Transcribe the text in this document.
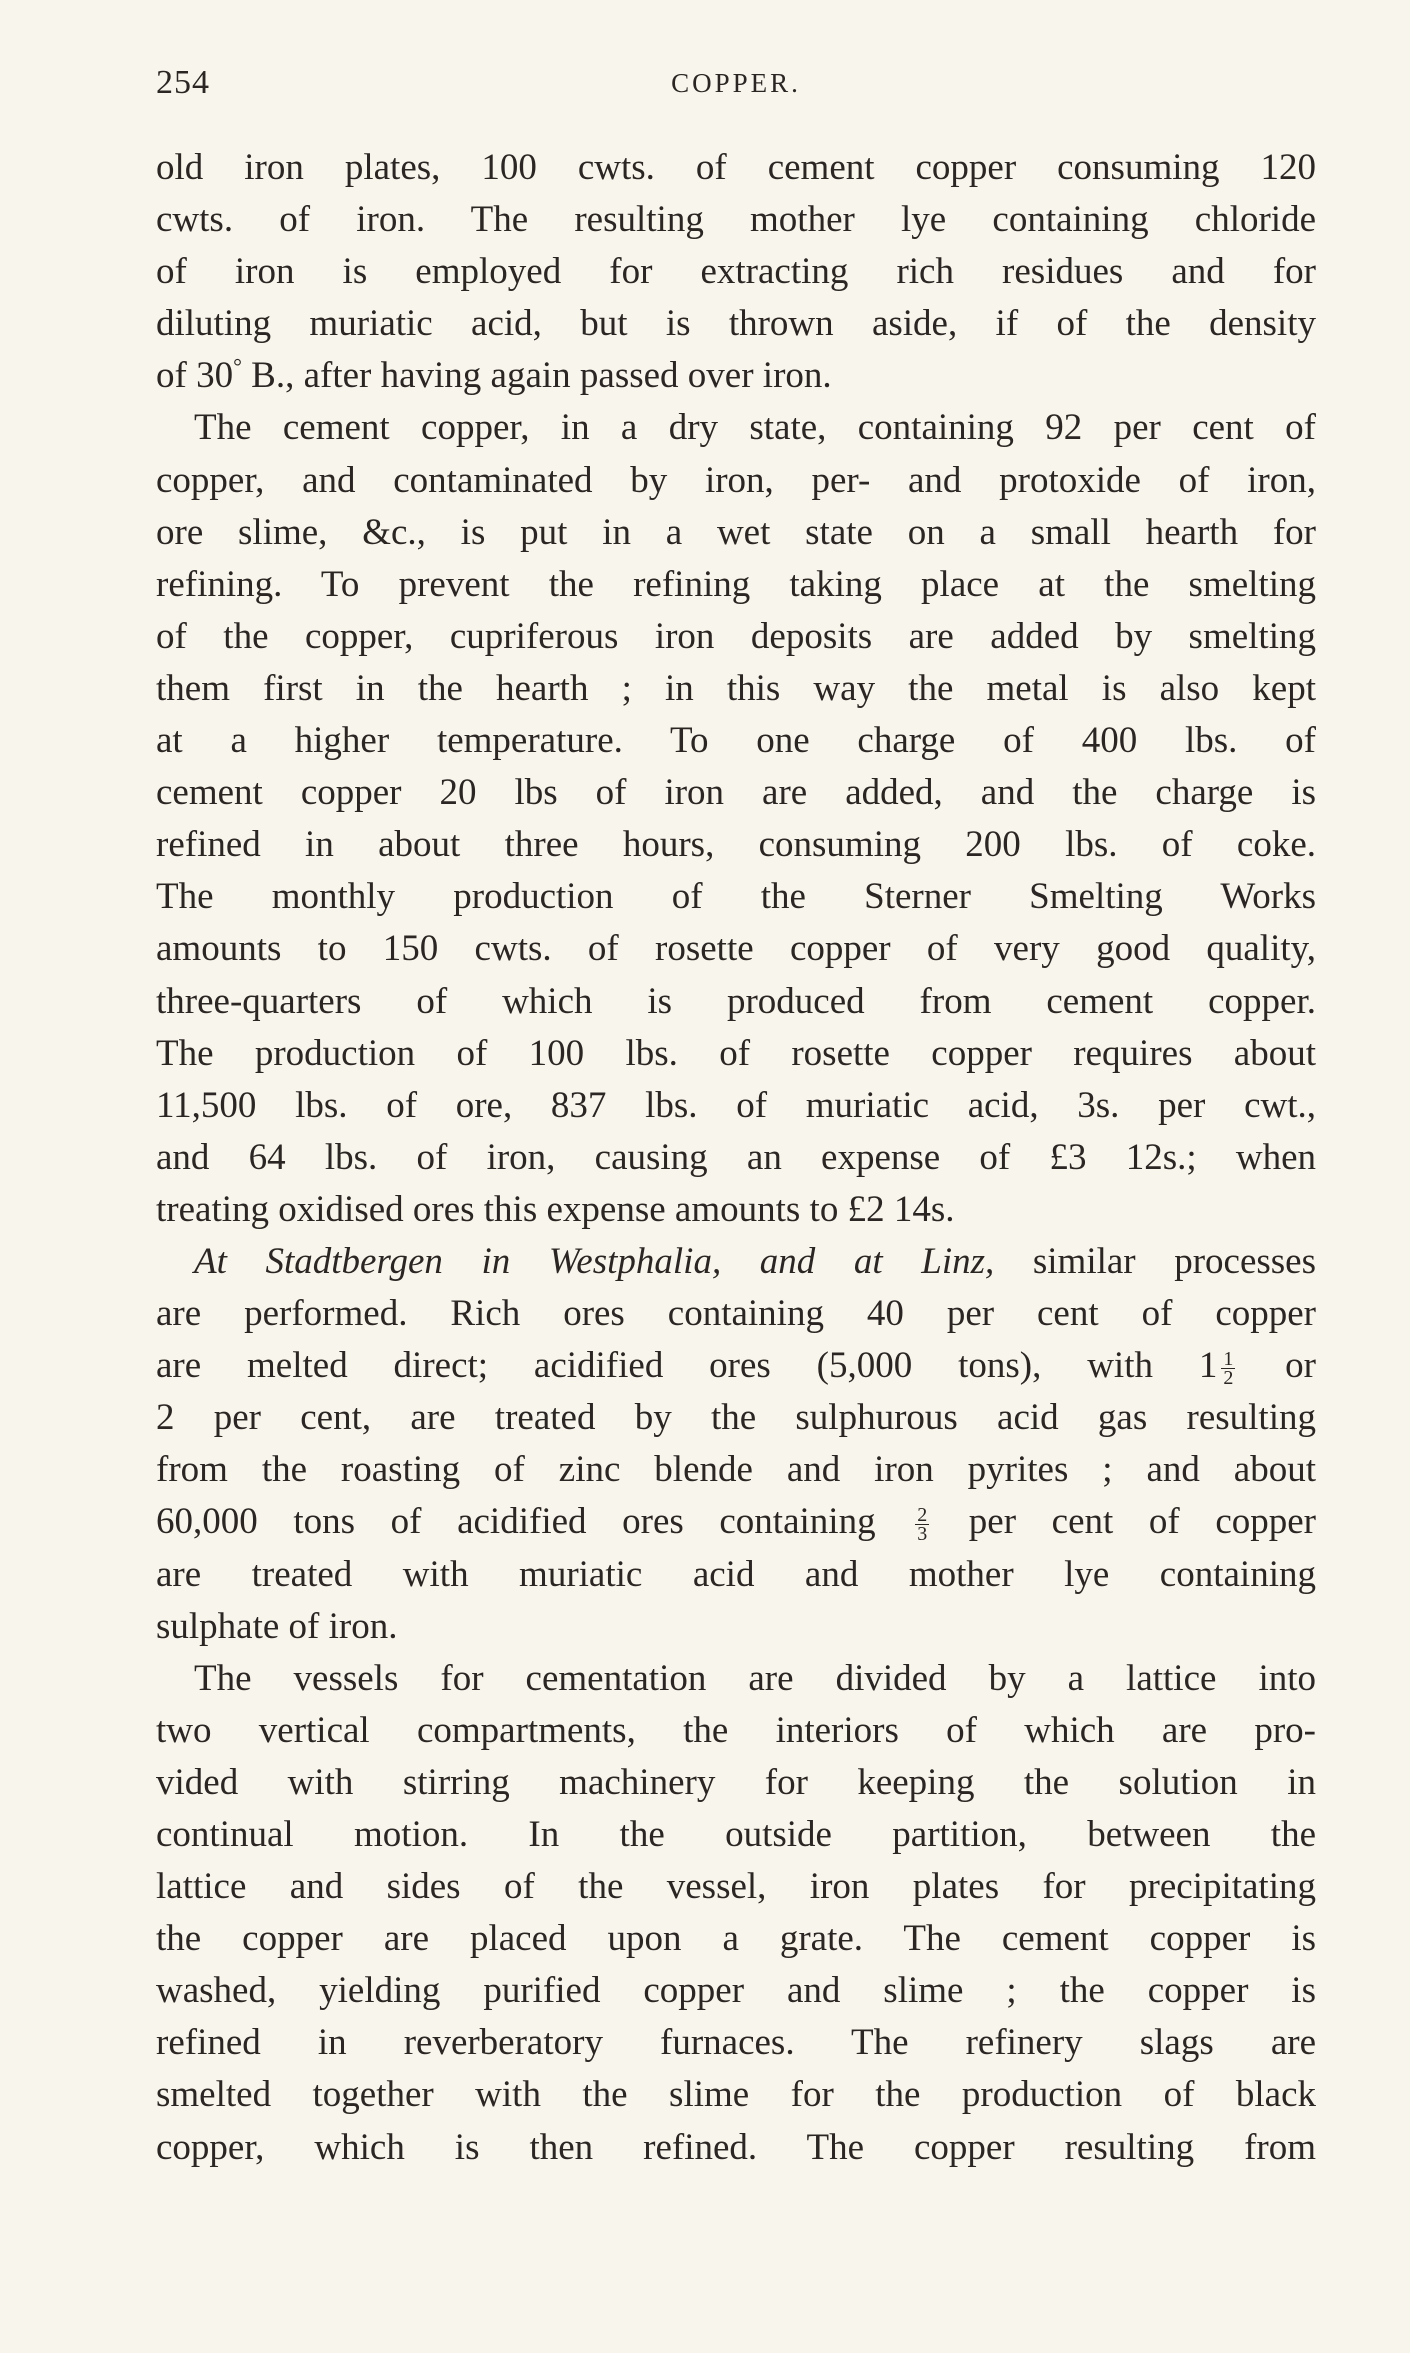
254	COPPER.
old iron plates, 100 cwts. of cement copper consuming 120
cwts. of iron. The resulting mother lye containing chloride
of iron is employed for extracting rich residues and for
diluting muriatic acid, but is thrown aside, if of the density
of 30° B., after having again passed over iron.
The cement copper, in a dry state, containing 92 per cent of
copper, and contaminated by iron, per- and protoxide of iron,
ore slime, &c., is put in a wet state on a small hearth for
refining. To prevent the refining taking place at the smelting
of the copper, cupriferous iron deposits are added by smelting
them first in the hearth ; in this way the metal is also kept
at a higher temperature. To one charge of 400 lbs. of
cement copper 20 lbs of iron are added, and the charge is
refined in about three hours, consuming 200 lbs. of coke.
The monthly production of the Sterner Smelting Works
amounts to 150 cwts. of rosette copper of very good quality,
three-quarters of which is produced from cement copper.
The production of 100 lbs. of rosette copper requires about
11,500 lbs. of ore, 837 lbs. of muriatic acid, 3s. per cwt.,
and 64 lbs. of iron, causing an expense of £3 12s.; when
treating oxidised ores this expense amounts to £2 14s.
At Stadtbergen in Westphalia, and at Linz, similar processes
are performed. Rich ores containing 40 per cent of copper
are melted direct; acidified ores (5,000 tons), with $1 \frac{1}{2}$ or
2 per cent, are treated by the sulphurous acid gas resulting
from the roasting of zinc blende and iron pyrites ; and about
60,000 tons of acidified ores containing $\frac{2}{3}$ per cent of copper
are treated with muriatic acid and mother lye containing
sulphate of iron.
The vessels for cementation are divided by a lattice into
two vertical compartments, the interiors of which are pro-
vided with stirring machinery for keeping the solution in
continual motion. In the outside partition, between the
lattice and sides of the vessel, iron plates for precipitating
the copper are placed upon a grate. The cement copper is
washed, yielding purified copper and slime ; the copper is
refined in reverberatory furnaces. The refinery slags are
smelted together with the slime for the production of black
copper, which is then refined. The copper resulting from
